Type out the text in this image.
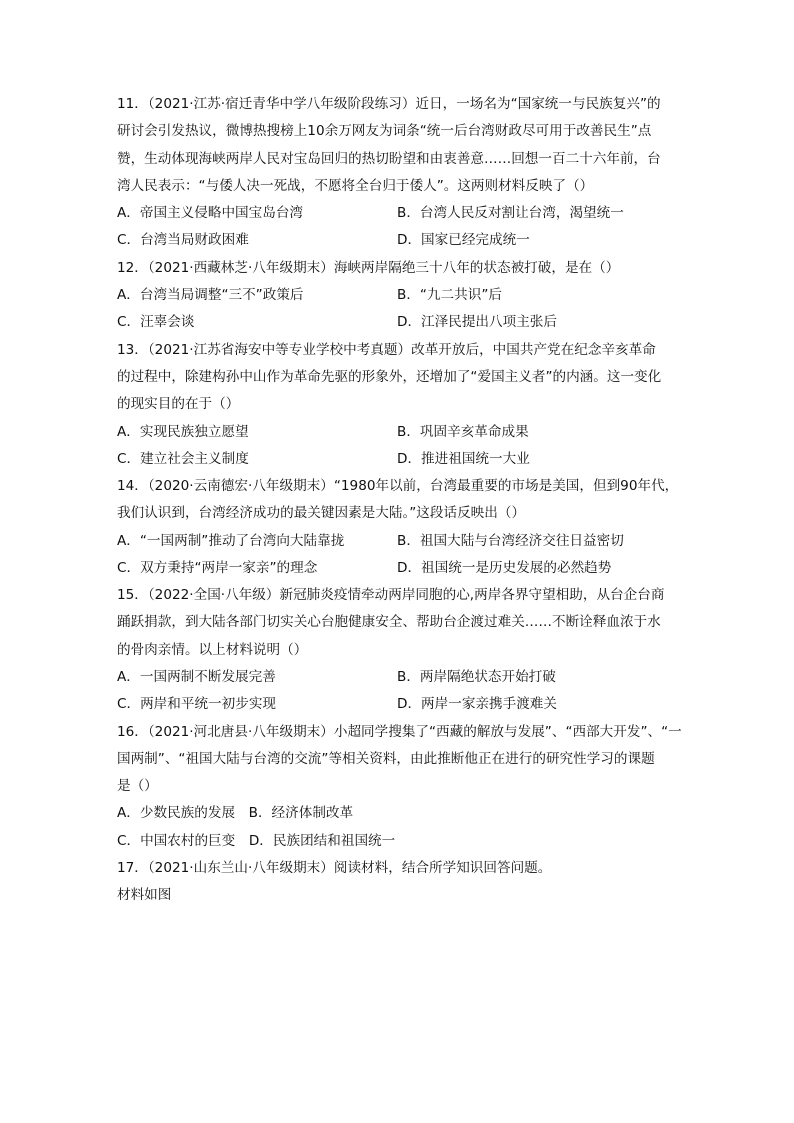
11．（2021·江苏·宿迁青华中学八年级阶段练习）近日，一场名为“国家统一与民族复兴”的
研讨会引发热议，微博热搜榜上10余万网友为词条“统一后台湾财政尽可用于改善民生”点
赞，生动体现海峡两岸人民对宝岛回归的热切盼望和由衷善意……回想一百二十六年前，台
湾人民表示：“与倭人决一死战，不愿将全台归于倭人”。这两则材料反映了（）
A．帝国主义侵略中国宝岛台湾	B．台湾人民反对割让台湾，渴望统一
C．台湾当局财政困难	D．国家已经完成统一
12．（2021·西藏林芝·八年级期末）海峡两岸隔绝三十八年的状态被打破，是在（）
A．台湾当局调整“三不”政策后	B．“九二共识”后
C．汪辜会谈	D．江泽民提出八项主张后
13．（2021·江苏省海安中等专业学校中考真题）改革开放后，中国共产党在纪念辛亥革命
的过程中，除建构孙中山作为革命先驱的形象外，还增加了“爱国主义者”的内涵。这一变化
的现实目的在于（）
A．实现民族独立愿望	B．巩固辛亥革命成果
C．建立社会主义制度	D．推进祖国统一大业
14．（2020·云南德宏·八年级期末）“1980年以前，台湾最重要的市场是美国，但到90年代，
我们认识到，台湾经济成功的最关键因素是大陆。”这段话反映出（）
A．“一国两制”推动了台湾向大陆靠拢	B．祖国大陆与台湾经济交往日益密切
C．双方秉持“两岸一家亲”的理念	D．祖国统一是历史发展的必然趋势
15．（2022·全国·八年级）新冠肺炎疫情牵动两岸同胞的心,两岸各界守望相助，从台企台商
踊跃捐款，到大陆各部门切实关心台胞健康安全、帮助台企渡过难关……不断诠释血浓于水
的骨肉亲情。以上材料说明（）
A．一国两制不断发展完善	B．两岸隔绝状态开始打破
C．两岸和平统一初步实现	D．两岸一家亲携手渡难关
16．（2021·河北唐县·八年级期末）小超同学搜集了“西藏的解放与发展”、“西部大开发”、“一
国两制”、“祖国大陆与台湾的交流”等相关资料，由此推断他正在进行的研究性学习的课题
是（）
A．少数民族的发展　B．经济体制改革
C．中国农村的巨变　D．民族团结和祖国统一
17．（2021·山东兰山·八年级期末）阅读材料，结合所学知识回答问题。
材料如图
